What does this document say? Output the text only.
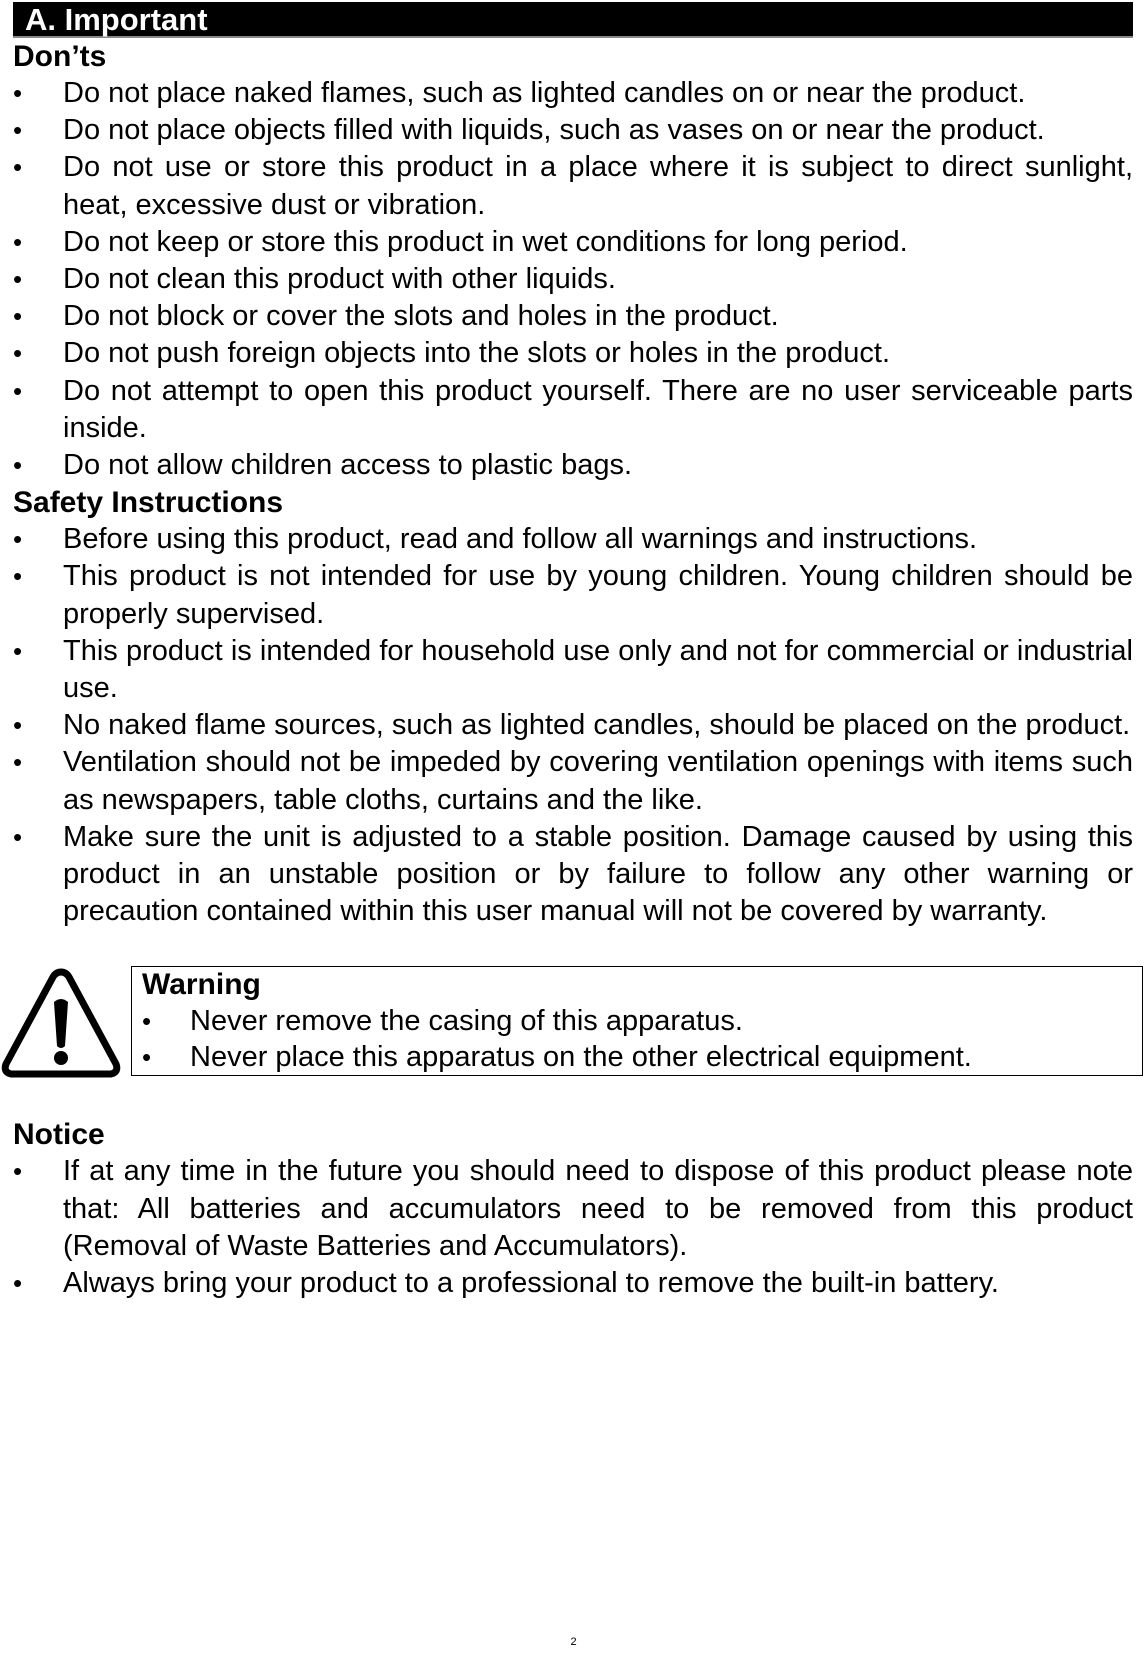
A. Important
Don’ts
• Do not place naked flames, such as lighted candles on or near the product.
• Do not place objects filled with liquids, such as vases on or near the product.
• Do not use or store this product in a place where it is subject to direct sunlight, heat, excessive dust or vibration.
• Do not keep or store this product in wet conditions for long period.
• Do not clean this product with other liquids.
• Do not block or cover the slots and holes in the product.
• Do not push foreign objects into the slots or holes in the product.
• Do not attempt to open this product yourself. There are no user serviceable parts inside.
• Do not allow children access to plastic bags.
Safety Instructions
• Before using this product, read and follow all warnings and instructions.
• This product is not intended for use by young children. Young children should be properly supervised.
• This product is intended for household use only and not for commercial or industrial use.
• No naked flame sources, such as lighted candles, should be placed on the product.
• Ventilation should not be impeded by covering ventilation openings with items such as newspapers, table cloths, curtains and the like.
• Make sure the unit is adjusted to a stable position. Damage caused by using this product in an unstable position or by failure to follow any other warning or precaution contained within this user manual will not be covered by warranty.
Warning
• Never remove the casing of this apparatus.
• Never place this apparatus on the other electrical equipment.
Notice
• If at any time in the future you should need to dispose of this product please note that: All batteries and accumulators need to be removed from this product (Removal of Waste Batteries and Accumulators).
• Always bring your product to a professional to remove the built-in battery.
2
